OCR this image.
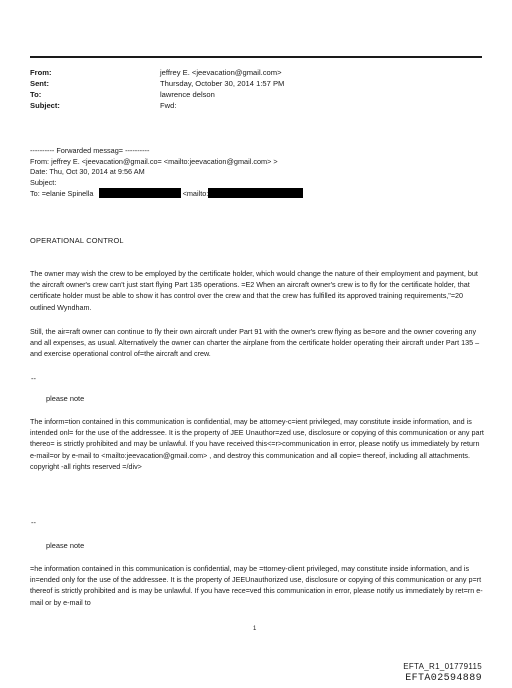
From:	jeffrey E. <jeevacation@gmail.com>
Sent:	Thursday, October 30, 2014 1:57 PM
To:	lawrence delson
Subject:	Fwd:
---------- Forwarded messag= ----------
From: jeffrey E. <jeevacation@gmail.co= <mailto:jeevacation@gmail.com> >
Date: Thu, Oct 30, 2014 at 9:56 AM
Subject:
To: =elanie Spinella	<mailto:
OPERATIONAL CONTROL

The owner may wish the crew to be employed by the certificate holder, which would change the nature of their employment and payment, but the aircraft owner's crew can't just start flying Part 135 operations. =E2 When an aircraft owner's crew is to fly for the certificate holder, that certificate holder must be able to show it has control over the crew and that the crew has fulfilled its approved training requirements,"=20 outlined Wyndham.

Still, the air=raft owner can continue to fly their own aircraft under Part 91 with the owner's crew flying as be=ore and the owner covering any and all expenses, as usual. Alternatively the owner can charter the airplane from the certificate holder operating their aircraft under Part 135 – and exercise operational control of=the aircraft and crew.

--
please note

The inform=tion contained in this communication is confidential, may be attorney-c=ient privileged, may constitute inside information, and is intended onl= for the use of the addressee. It is the property of JEE Unauthor=zed use, disclosure or copying of this communication or any part thereo= is strictly prohibited and may be unlawful. If you have received this<=r>communication in error, please notify us immediately by return e-mail=or by e-mail to <mailto:jeevacation@gmail.com> , and destroy this communication and all copie= thereof, including all attachments. copyright -all rights reserved =/div>

--
please note

=he information contained in this communication is confidential, may be =ttorney-client privileged, may constitute inside information, and is in=ended only for the use of the addressee. It is the property of JEEUnauthorized use, disclosure or copying of this communication or any p=rt thereof is strictly prohibited and is may be unlawful. If you have rece=ved this communication in error, please notify us immediately by ret=rn e-mail or by e-mail to

1
EFTA_R1_01779115
EFTA02594889
